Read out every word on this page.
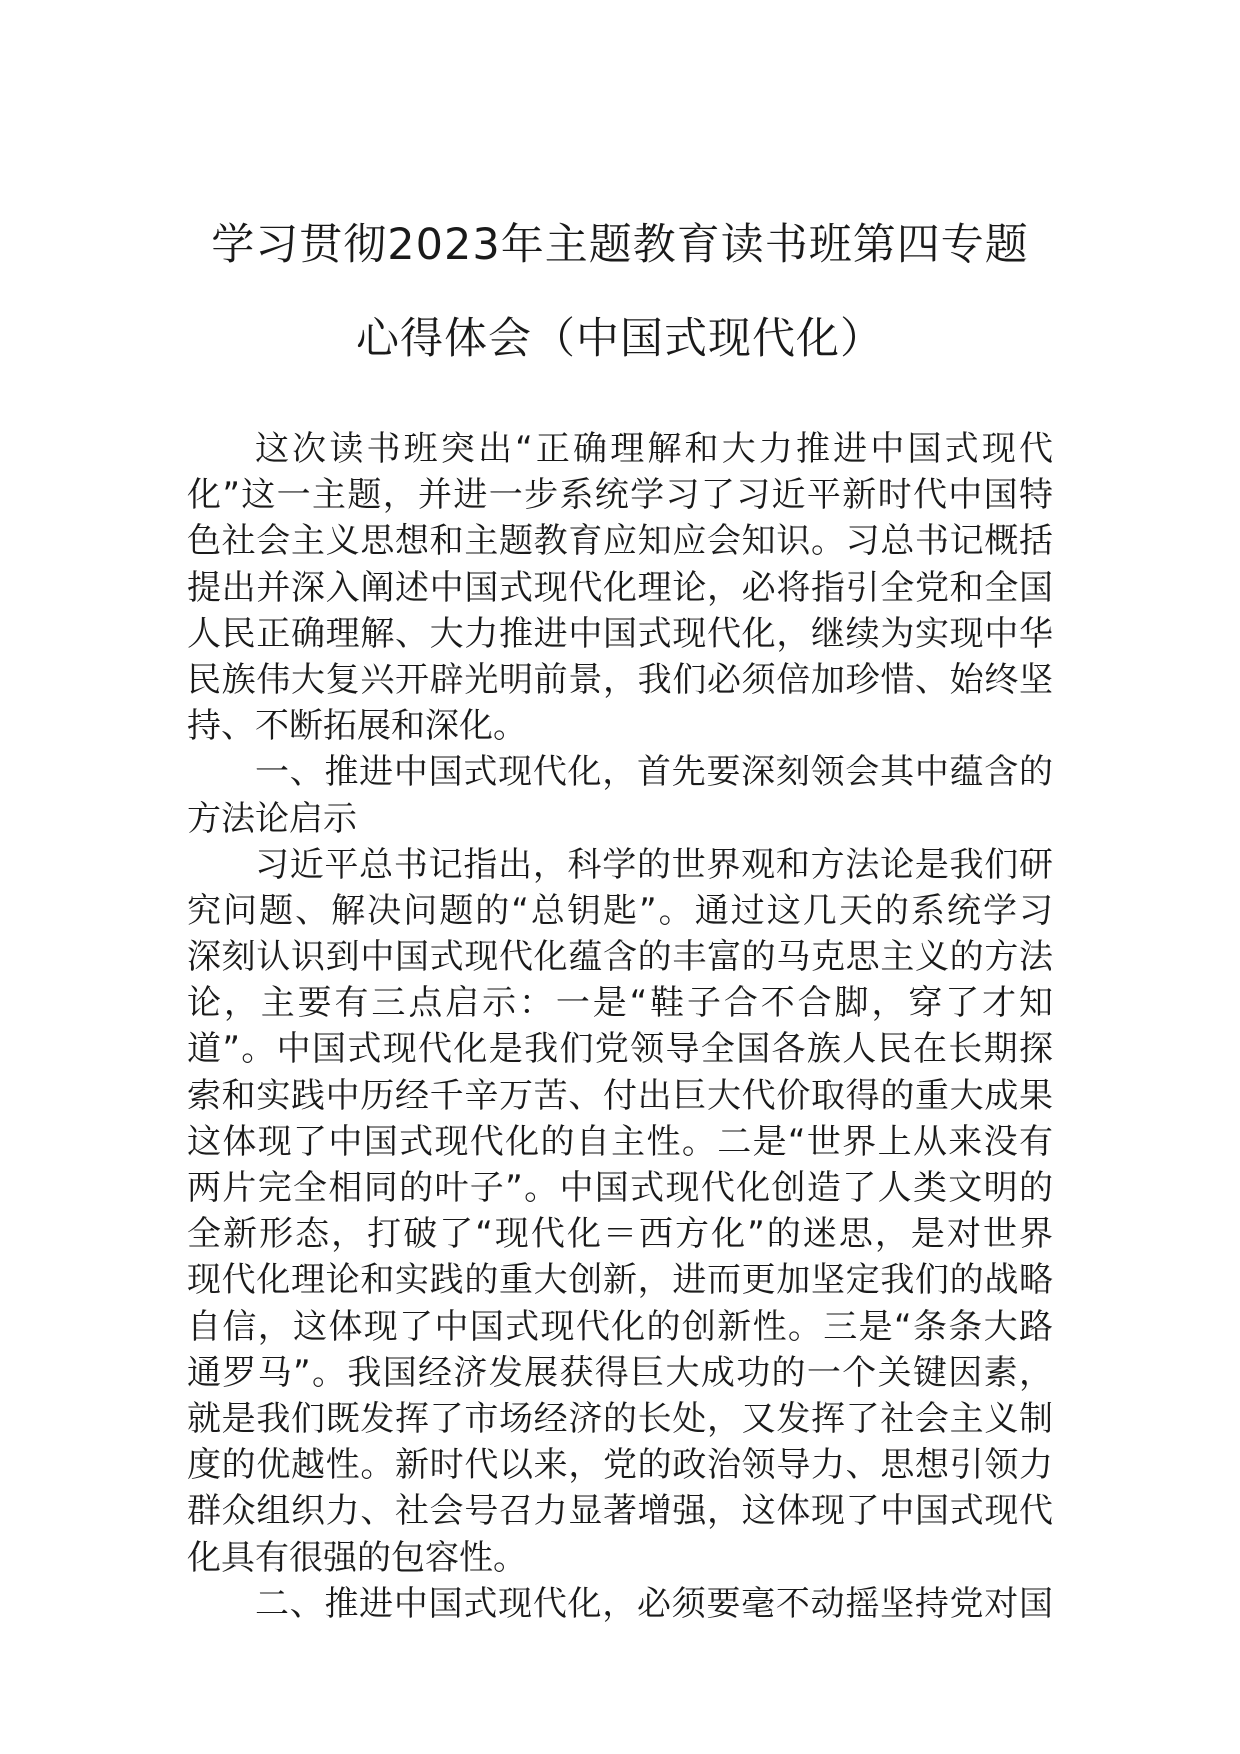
学习贯彻2023年主题教育读书班第四专题
心得体会（中国式现代化）
这次读书班突出“正确理解和大力推进中国式现代
化”这一主题，并进一步系统学习了习近平新时代中国特
色社会主义思想和主题教育应知应会知识。习总书记概括
提出并深入阐述中国式现代化理论，必将指引全党和全国
人民正确理解、大力推进中国式现代化，继续为实现中华
民族伟大复兴开辟光明前景，我们必须倍加珍惜、始终坚
持、不断拓展和深化。
一、推进中国式现代化，首先要深刻领会其中蕴含的
方法论启示
习近平总书记指出，科学的世界观和方法论是我们研
究问题、解决问题的“总钥匙”。通过这几天的系统学习
深刻认识到中国式现代化蕴含的丰富的马克思主义的方法
论，主要有三点启示：一是“鞋子合不合脚，穿了才知
道”。中国式现代化是我们党领导全国各族人民在长期探
索和实践中历经千辛万苦、付出巨大代价取得的重大成果
这体现了中国式现代化的自主性。二是“世界上从来没有
两片完全相同的叶子”。中国式现代化创造了人类文明的
全新形态，打破了“现代化＝西方化”的迷思，是对世界
现代化理论和实践的重大创新，进而更加坚定我们的战略
自信，这体现了中国式现代化的创新性。三是“条条大路
通罗马”。我国经济发展获得巨大成功的一个关键因素，
就是我们既发挥了市场经济的长处，又发挥了社会主义制
度的优越性。新时代以来，党的政治领导力、思想引领力
群众组织力、社会号召力显著增强，这体现了中国式现代
化具有很强的包容性。
二、推进中国式现代化，必须要毫不动摇坚持党对国
